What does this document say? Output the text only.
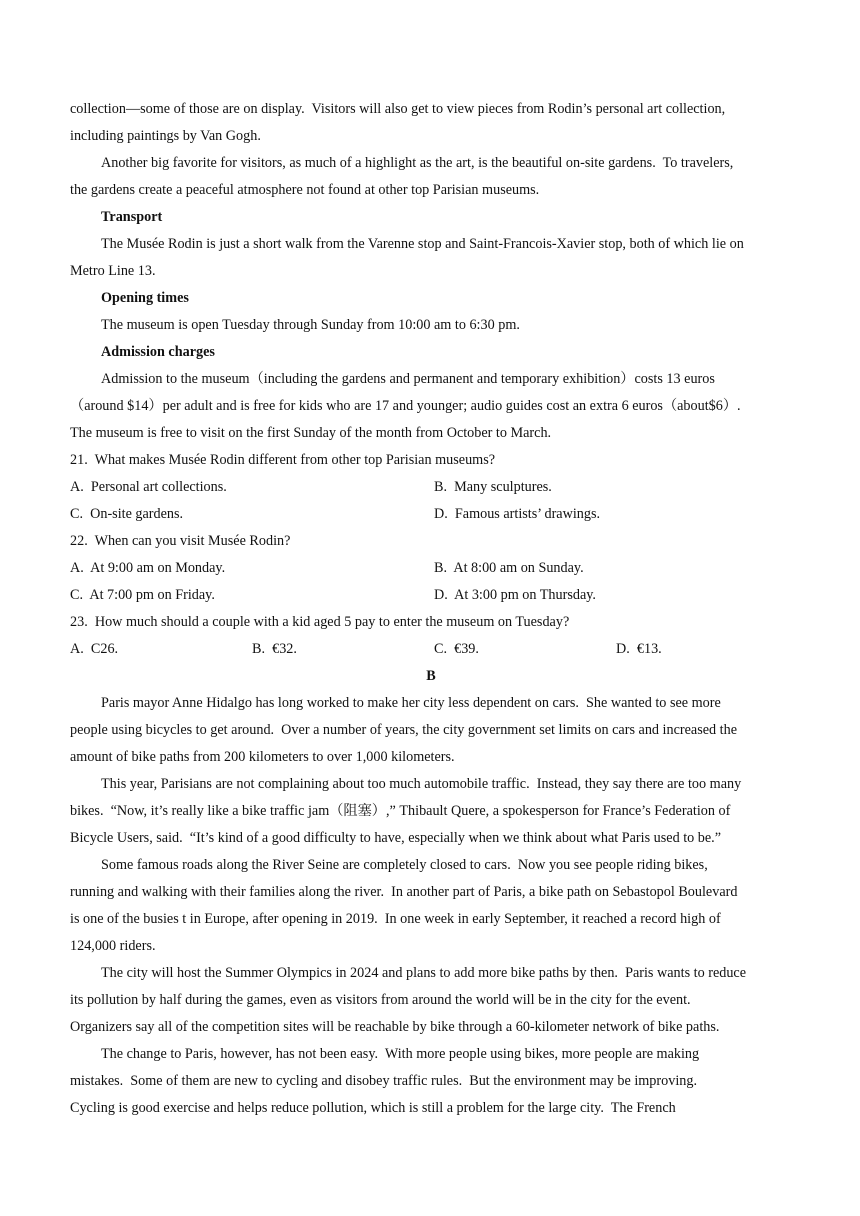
collection—some of those are on display.  Visitors will also get to view pieces from Rodin’s personal art collection,
including paintings by Van Gogh.
Another big favorite for visitors, as much of a highlight as the art, is the beautiful on-site gardens.  To travelers,
the gardens create a peaceful atmosphere not found at other top Parisian museums.
Transport
The Musée Rodin is just a short walk from the Varenne stop and Saint-Francois-Xavier stop, both of which lie on
Metro Line 13.
Opening times
The museum is open Tuesday through Sunday from 10:00 am to 6:30 pm.
Admission charges
Admission to the museum（including the gardens and permanent and temporary exhibition）costs 13 euros
（around $14）per adult and is free for kids who are 17 and younger; audio guides cost an extra 6 euros（about$6）.
The museum is free to visit on the first Sunday of the month from October to March.
21.  What makes Musée Rodin different from other top Parisian museums?
A.  Personal art collections.	B.  Many sculptures.
C.  On-site gardens.	D.  Famous artists’ drawings.
22.  When can you visit Musée Rodin?
A.  At 9:00 am on Monday.	B.  At 8:00 am on Sunday.
C.  At 7:00 pm on Friday.	D.  At 3:00 pm on Thursday.
23.  How much should a couple with a kid aged 5 pay to enter the museum on Tuesday?
A.  C26.	B.  €32.	C.  €39.	D.  €13.
B
Paris mayor Anne Hidalgo has long worked to make her city less dependent on cars.  She wanted to see more
people using bicycles to get around.  Over a number of years, the city government set limits on cars and increased the
amount of bike paths from 200 kilometers to over 1,000 kilometers.
This year, Parisians are not complaining about too much automobile traffic.  Instead, they say there are too many
bikes.  “Now, it’s really like a bike traffic jam（阻塞）,” Thibault Quere, a spokesperson for France’s Federation of
Bicycle Users, said.  “It’s kind of a good difficulty to have, especially when we think about what Paris used to be.”
Some famous roads along the River Seine are completely closed to cars.  Now you see people riding bikes,
running and walking with their families along the river.  In another part of Paris, a bike path on Sebastopol Boulevard
is one of the busies t in Europe, after opening in 2019.  In one week in early September, it reached a record high of
124,000 riders.
The city will host the Summer Olympics in 2024 and plans to add more bike paths by then.  Paris wants to reduce
its pollution by half during the games, even as visitors from around the world will be in the city for the event.
Organizers say all of the competition sites will be reachable by bike through a 60-kilometer network of bike paths.
The change to Paris, however, has not been easy.  With more people using bikes, more people are making
mistakes.  Some of them are new to cycling and disobey traffic rules.  But the environment may be improving.
Cycling is good exercise and helps reduce pollution, which is still a problem for the large city.  The French
